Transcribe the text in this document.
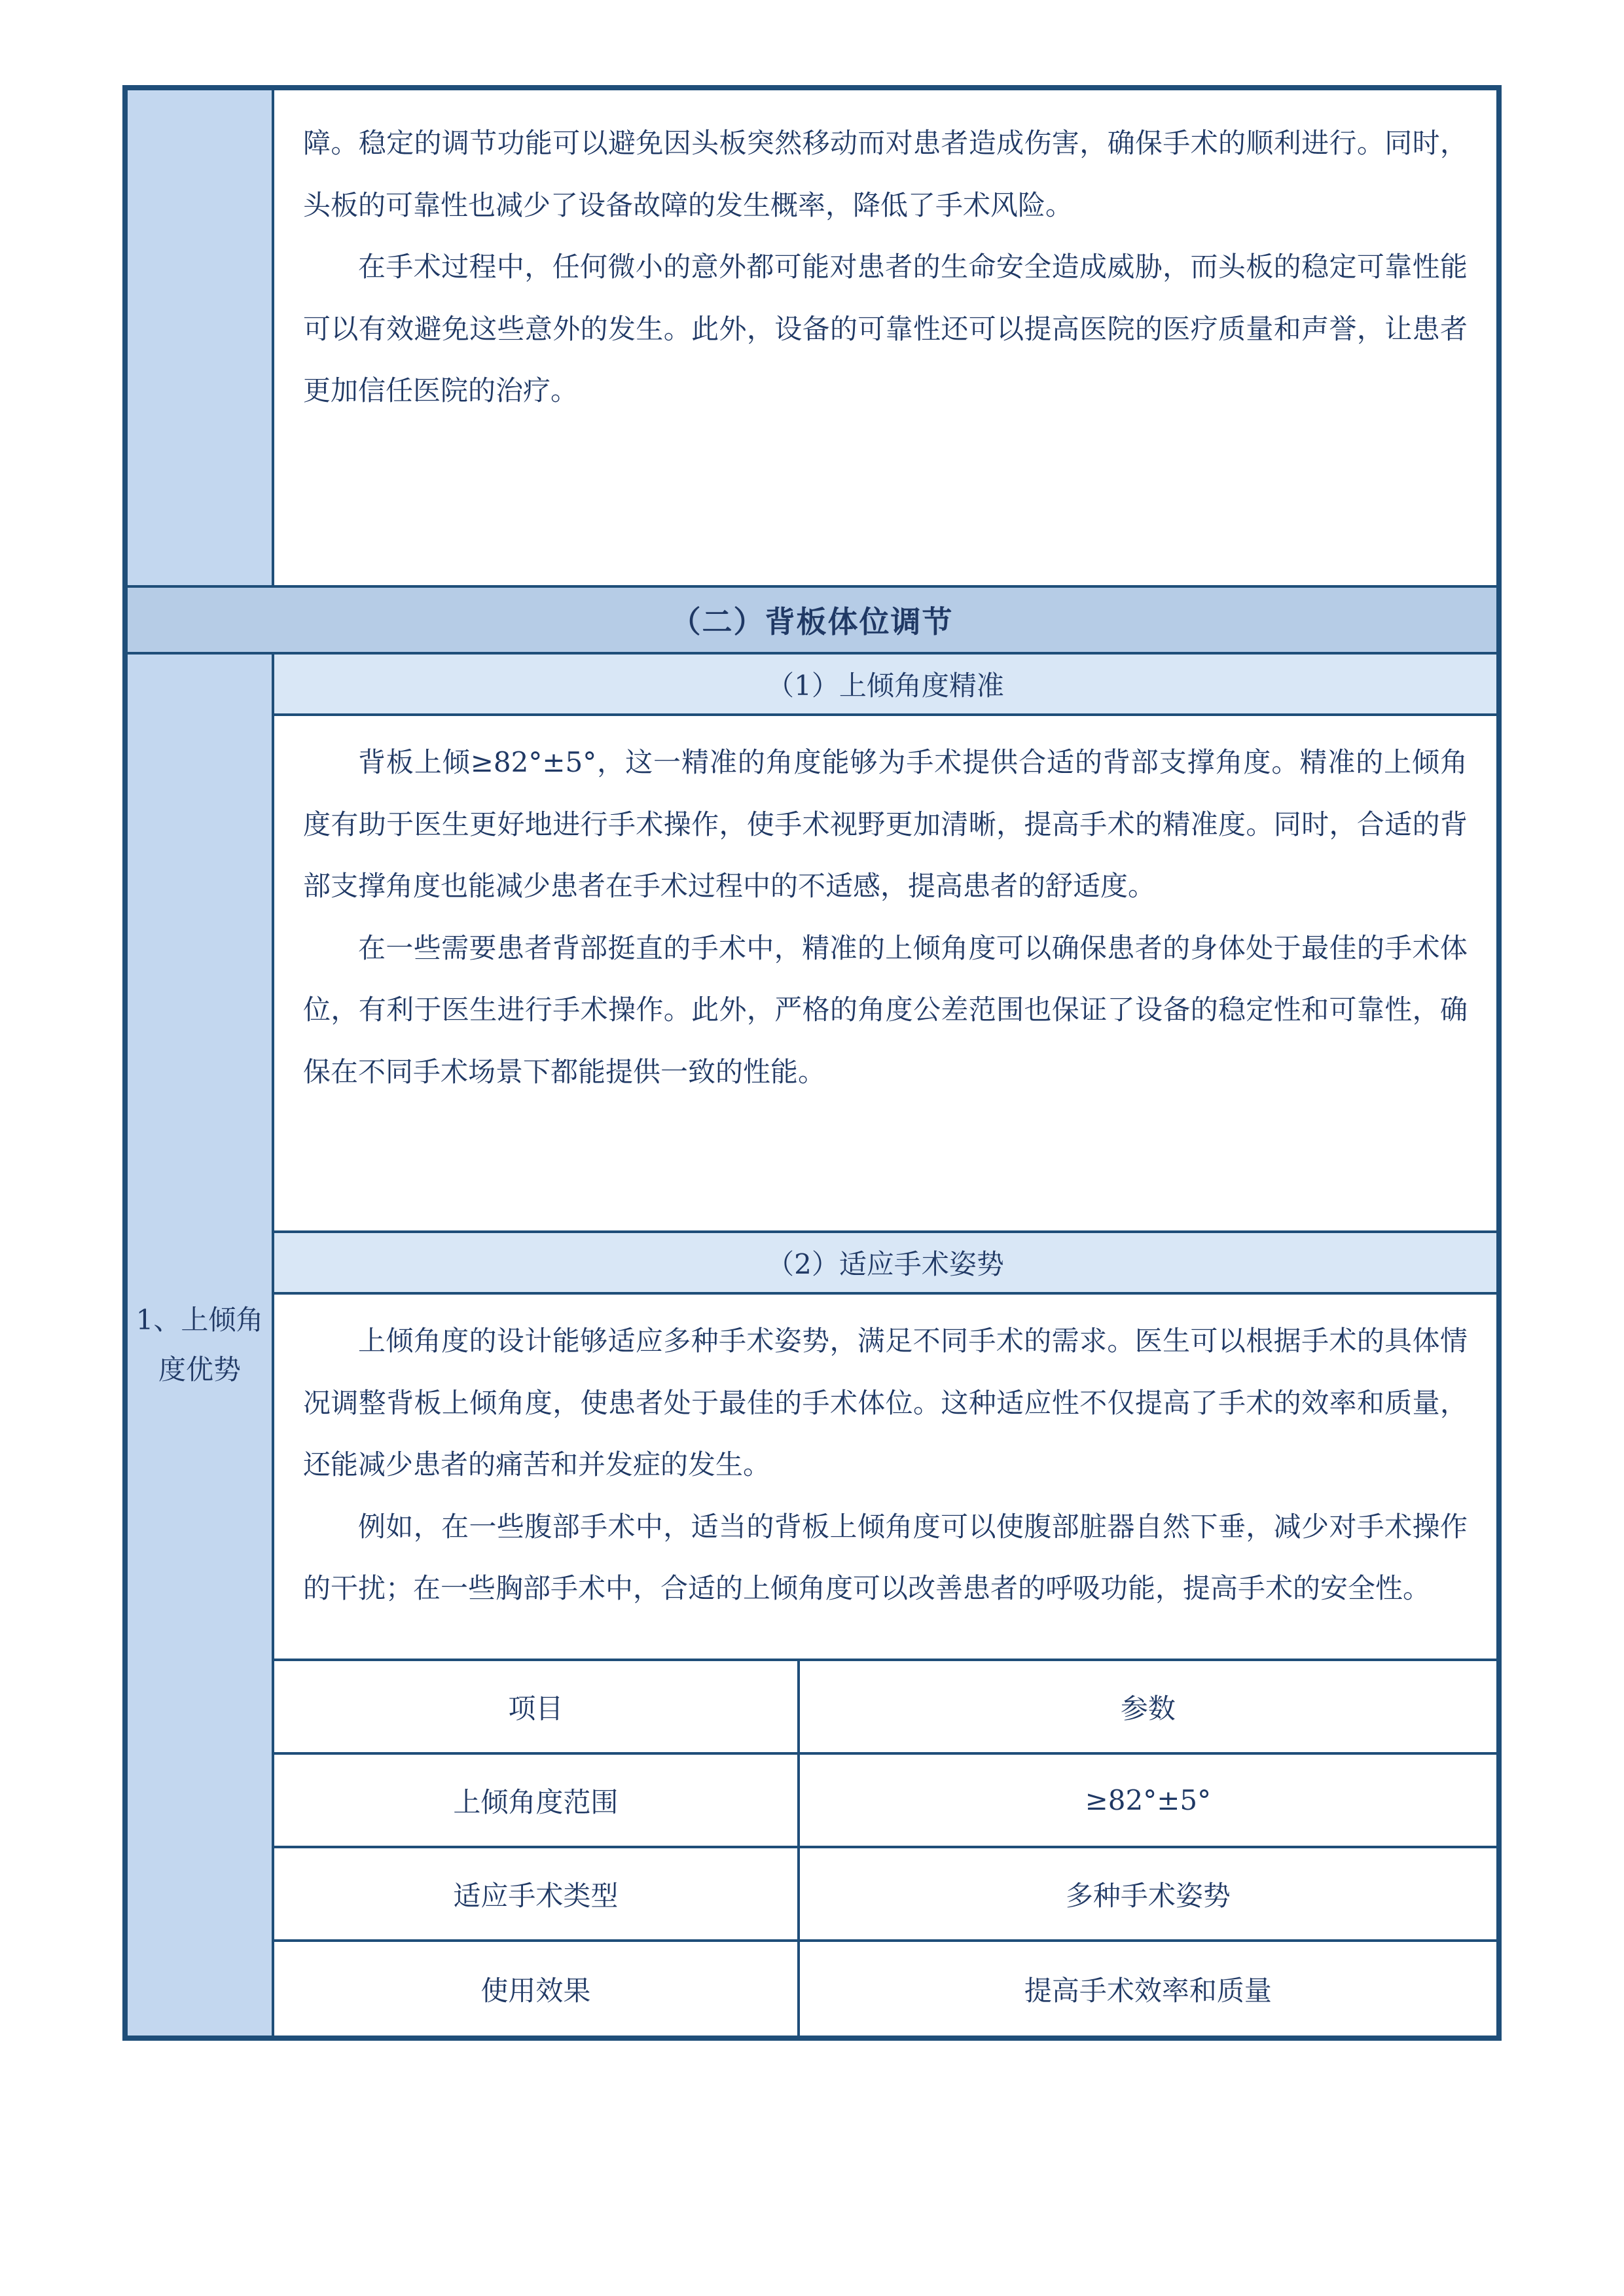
障。稳定的调节功能可以避免因头板突然移动而对患者造成伤害，确保手术的顺利进行。同时，头板的可靠性也减少了设备故障的发生概率，降低了手术风险。

在手术过程中，任何微小的意外都可能对患者的生命安全造成威胁，而头板的稳定可靠性能可以有效避免这些意外的发生。此外，设备的可靠性还可以提高医院的医疗质量和声誉，让患者更加信任医院的治疗。

（二）背板体位调节
1、上倾角度优势
（1）上倾角度精准

背板上倾≥82°±5°，这一精准的角度能够为手术提供合适的背部支撑角度。精准的上倾角度有助于医生更好地进行手术操作，使手术视野更加清晰，提高手术的精准度。同时，合适的背部支撑角度也能减少患者在手术过程中的不适感，提高患者的舒适度。

在一些需要患者背部挺直的手术中，精准的上倾角度可以确保患者的身体处于最佳的手术体位，有利于医生进行手术操作。此外，严格的角度公差范围也保证了设备的稳定性和可靠性，确保在不同手术场景下都能提供一致的性能。

（2）适应手术姿势

上倾角度的设计能够适应多种手术姿势，满足不同手术的需求。医生可以根据手术的具体情况调整背板上倾角度，使患者处于最佳的手术体位。这种适应性不仅提高了手术的效率和质量，还能减少患者的痛苦和并发症的发生。

例如，在一些腹部手术中，适当的背板上倾角度可以使腹部脏器自然下垂，减少对手术操作的干扰；在一些胸部手术中，合适的上倾角度可以改善患者的呼吸功能，提高手术的安全性。

项目	参数
上倾角度范围	≥82°±5°
适应手术类型	多种手术姿势
使用效果	提高手术效率和质量
